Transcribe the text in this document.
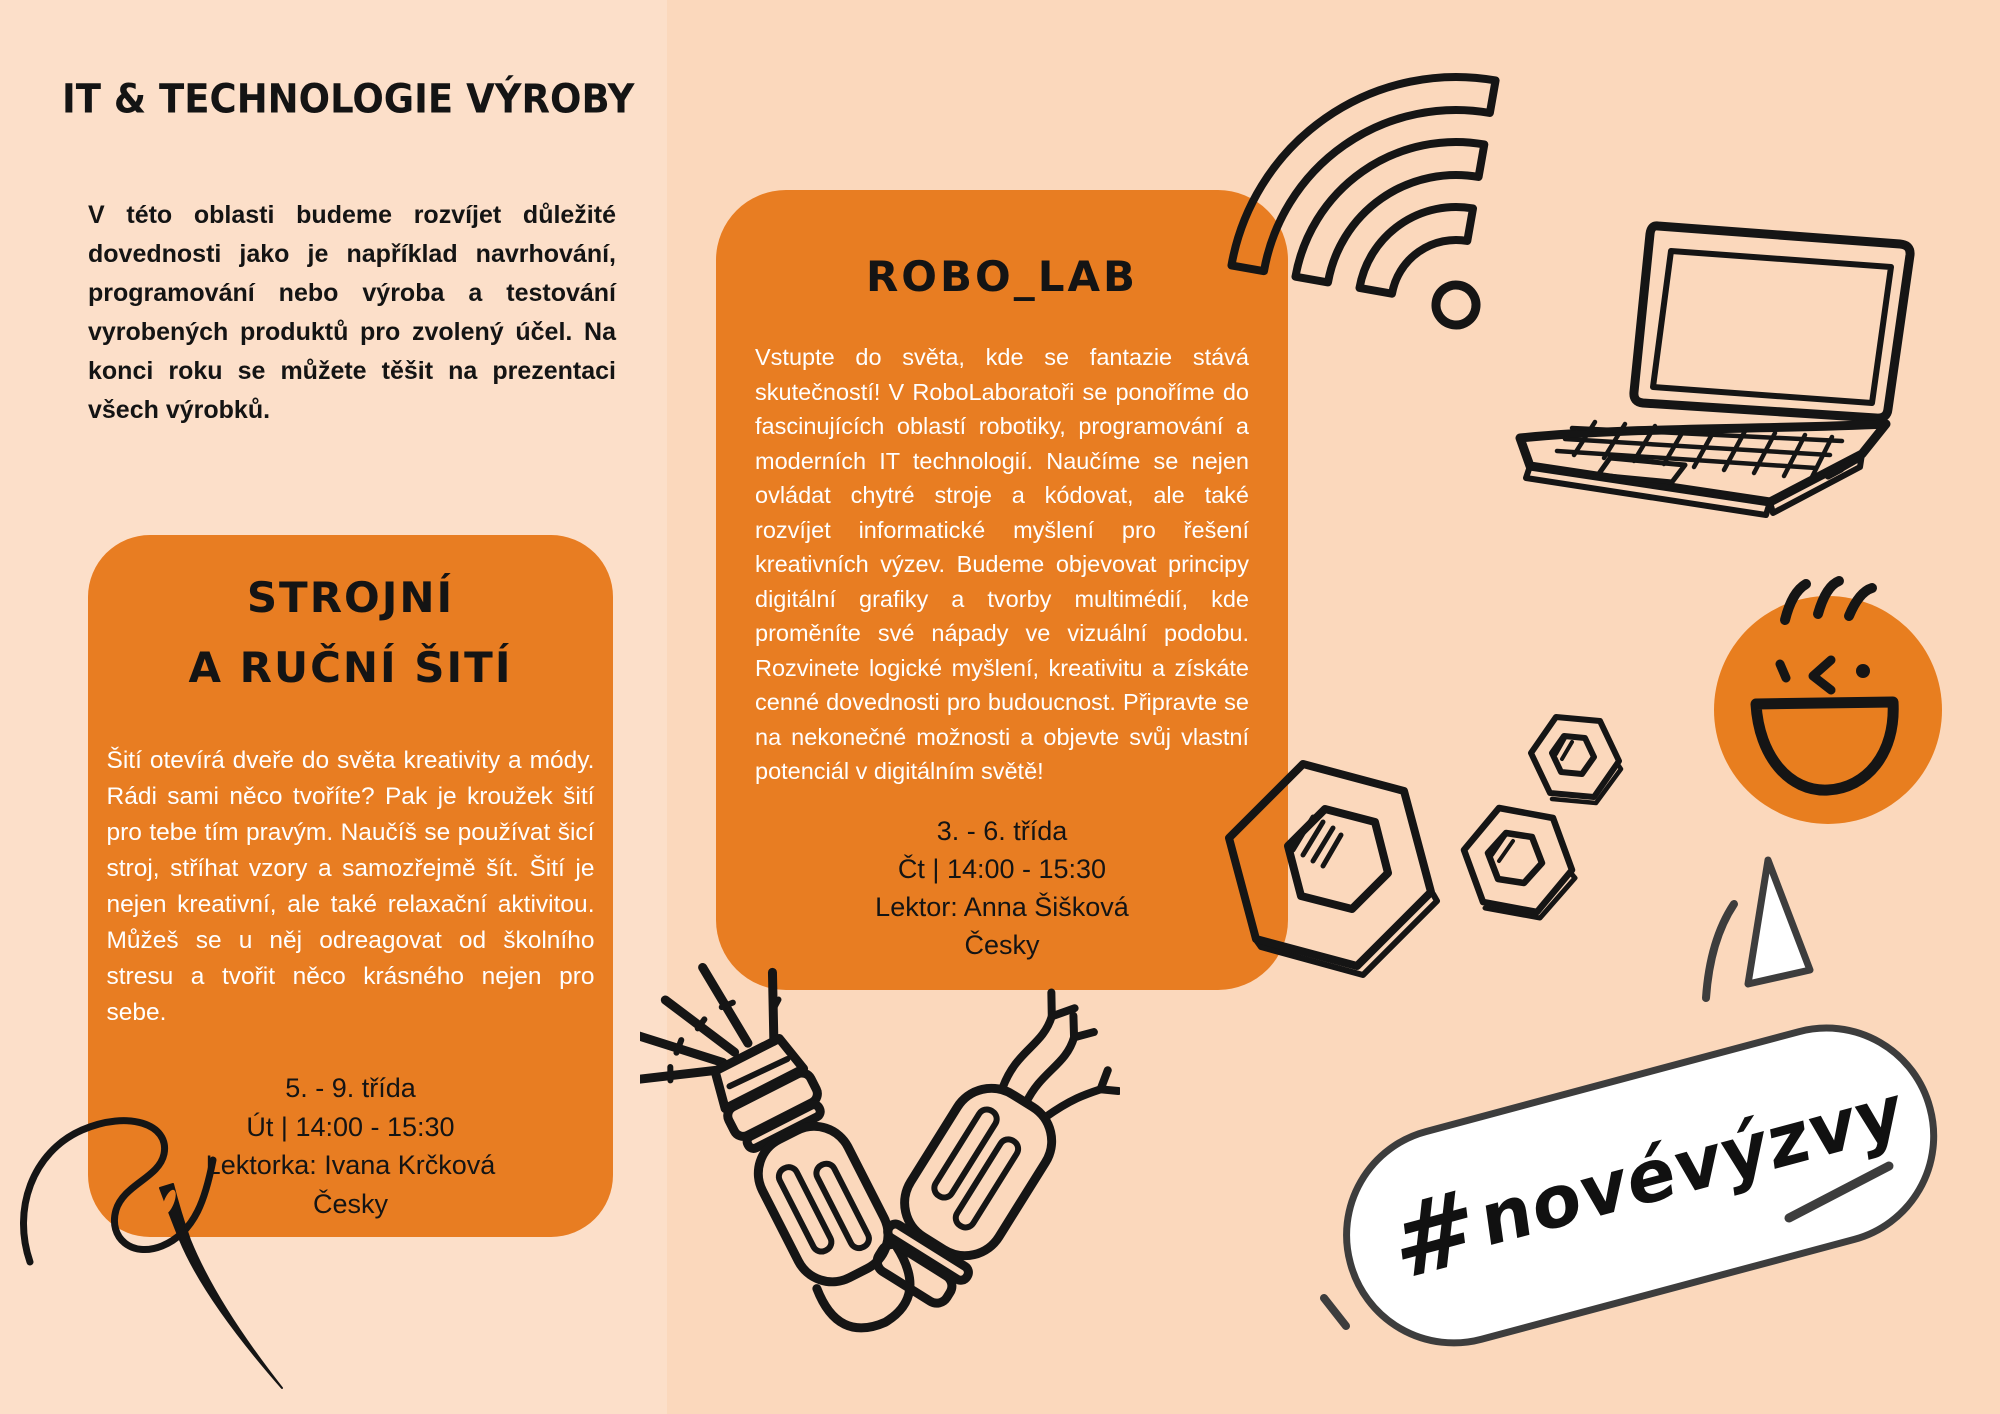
IT & TECHNOLOGIE VÝROBY

V této oblasti budeme rozvíjet důležité dovednosti jako je například navrhování, programování nebo výroba a testování vyrobených produktů pro zvolený účel. Na konci roku se můžete těšit na prezentaci všech výrobků.

STROJNÍ
A RUČNÍ ŠITÍ

Šití otevírá dveře do světa kreativity a módy. Rádi sami něco tvoříte? Pak je kroužek šití pro tebe tím pravým. Naučíš se používat šicí stroj, stříhat vzory a samozřejmě šít. Šití je nejen kreativní, ale také relaxační aktivitou. Můžeš se u něj odreagovat od školního stresu a tvořit něco krásného nejen pro sebe.

5. - 9. třída
Út | 14:00 - 15:30
Lektorka: Ivana Krčková
Česky
ROBO_LAB

Vstupte do světa, kde se fantazie stává skutečností! V RoboLaboratoři se ponoříme do fascinujících oblastí robotiky, programování a moderních IT technologií. Naučíme se nejen ovládat chytré stroje a kódovat, ale také rozvíjet informatické myšlení pro řešení kreativních výzev. Budeme objevovat principy digitální grafiky a tvorby multimédií, kde proměníte své nápady ve vizuální podobu. Rozvinete logické myšlení, kreativitu a získáte cenné dovednosti pro budoucnost. Připravte se na nekonečné možnosti a objevte svůj vlastní potenciál v digitálním světě!

3. - 6. třída
Čt | 14:00 - 15:30
Lektor: Anna Šišková
Česky
#
novévýzvy
